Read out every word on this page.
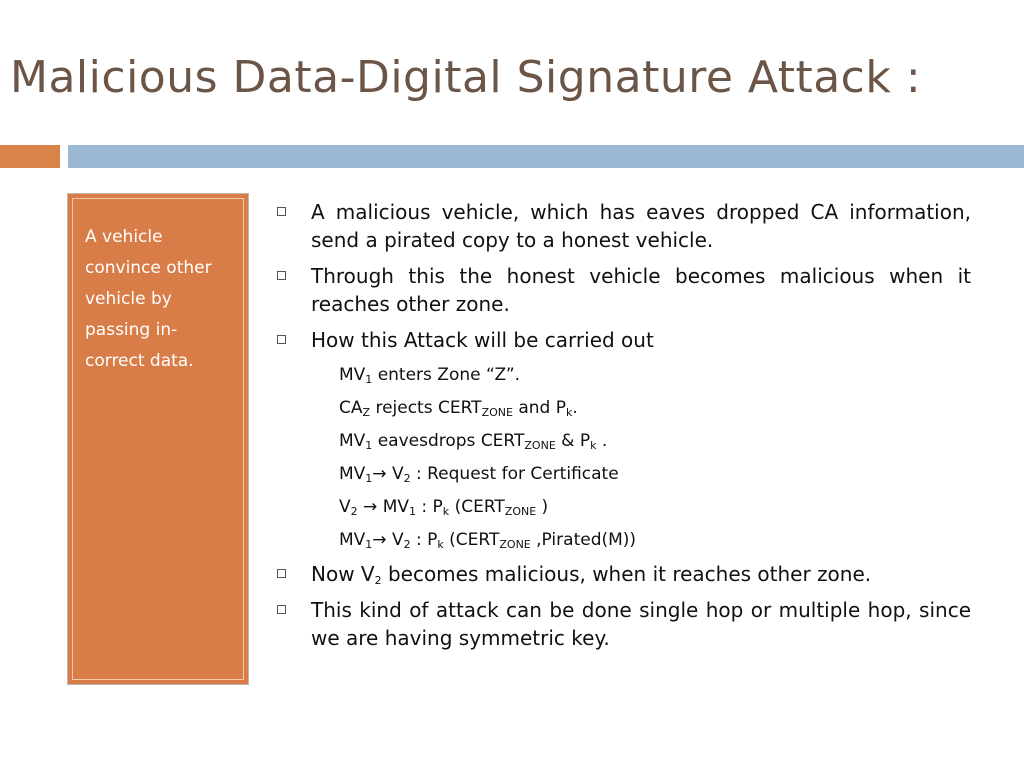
Malicious Data-Digital Signature Attack :
A vehicle convince other vehicle by passing in-correct data.
A malicious vehicle, which has eaves dropped CA information, send a pirated copy to a honest vehicle.
Through this the honest vehicle becomes malicious when it reaches other zone.
How this Attack will be carried out
$MV_1$ enters Zone “Z”.
$CA_Z$ rejects $CERT_{ZONE}$ and $P_k$.
$MV_1$ eavesdrops $CERT_{ZONE}$ & $P_k$ .
$MV_1\to V_2$ : Request for Certificate
$V_2 \to MV_1$ : $P_k$ ($CERT_{ZONE}$ )
$MV_1\to V_2$ : $P_k$ ($CERT_{ZONE}$ ,Pirated(M))
Now $V_2$ becomes malicious, when it reaches other zone.
This kind of attack can be done single hop or multiple hop, since we are having symmetric key.
